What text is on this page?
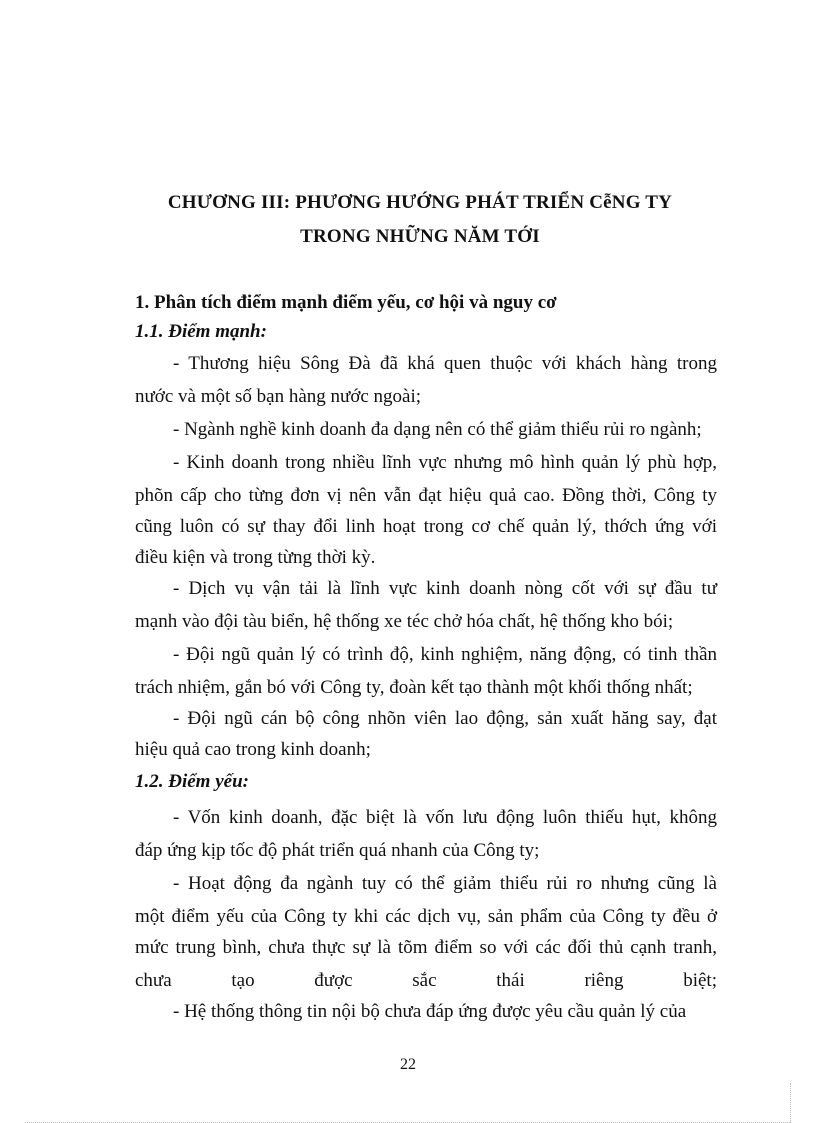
CHƯƠNG III: PHƯƠNG HƯỚNG PHÁT TRIỂN CễNG TY
TRONG NHỮNG NĂM TỚI
1. Phân tích điểm mạnh điểm yếu, cơ hội và nguy cơ
1.1. Điểm mạnh:
- Thương hiệu Sông Đà đã khá quen thuộc với khách hàng trong
nước và một số bạn hàng nước ngoài;
- Ngành nghề kinh doanh đa dạng nên có thể giảm thiểu rủi ro ngành;
- Kinh doanh trong nhiều lĩnh vực nhưng mô hình quản lý phù hợp,
phõn cấp cho từng đơn vị nên vẫn đạt hiệu quả cao. Đồng thời, Công ty
cũng luôn có sự thay đổi linh hoạt trong cơ chế quản lý, thớch ứng với
điều kiện và trong từng thời kỳ.
- Dịch vụ vận tải là lĩnh vực kinh doanh nòng cốt với sự đầu tư
mạnh vào đội tàu biển, hệ thống xe téc chở hóa chất, hệ thống kho bói;
- Đội ngũ quản lý có trình độ, kinh nghiệm, năng động, có tinh thần
trách nhiệm, gắn bó với Công ty, đoàn kết tạo thành một khối thống nhất;
- Đội ngũ cán bộ công nhõn viên lao động, sản xuất hăng say, đạt
hiệu quả cao trong kinh doanh;
1.2. Điểm yếu:
- Vốn kinh doanh, đặc biệt là vốn lưu động luôn thiếu hụt, không
đáp ứng kịp tốc độ phát triển quá nhanh của Công ty;
- Hoạt động đa ngành tuy có thể giảm thiểu rủi ro nhưng cũng là
một điểm yếu của Công ty khi các dịch vụ, sản phẩm của Công ty đều ở
mức trung bình, chưa thực sự là tõm điểm so với các đối thủ cạnh tranh,
chưa	tạo	được	sắc	thái	riêng	biệt;
- Hệ thống thông tin nội bộ chưa đáp ứng được yêu cầu quản lý của
22
